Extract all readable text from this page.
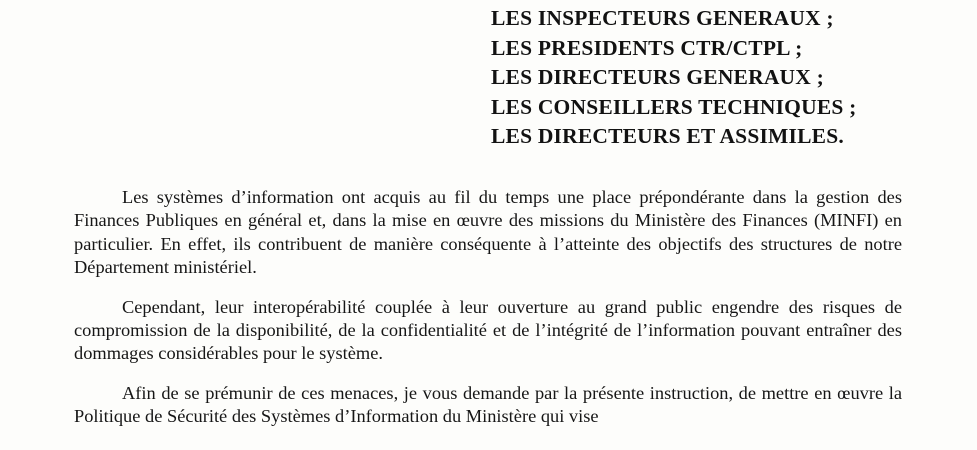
LES INSPECTEURS GENERAUX ;
LES PRESIDENTS CTR/CTPL ;
LES DIRECTEURS GENERAUX ;
LES CONSEILLERS TECHNIQUES ;
LES DIRECTEURS ET ASSIMILES.

Les systèmes d’information ont acquis au fil du temps une place prépondérante dans la gestion des Finances Publiques en général et, dans la mise en œuvre des missions du Ministère des Finances (MINFI) en particulier. En effet, ils contribuent de manière conséquente à l’atteinte des objectifs des structures de notre Département ministériel.

Cependant, leur interopérabilité couplée à leur ouverture au grand public engendre des risques de compromission de la disponibilité, de la confidentialité et de l’intégrité de l’information pouvant entraîner des dommages considérables pour le système.

Afin de se prémunir de ces menaces, je vous demande par la présente instruction, de mettre en œuvre la Politique de Sécurité des Systèmes d’Information du Ministère qui vise
